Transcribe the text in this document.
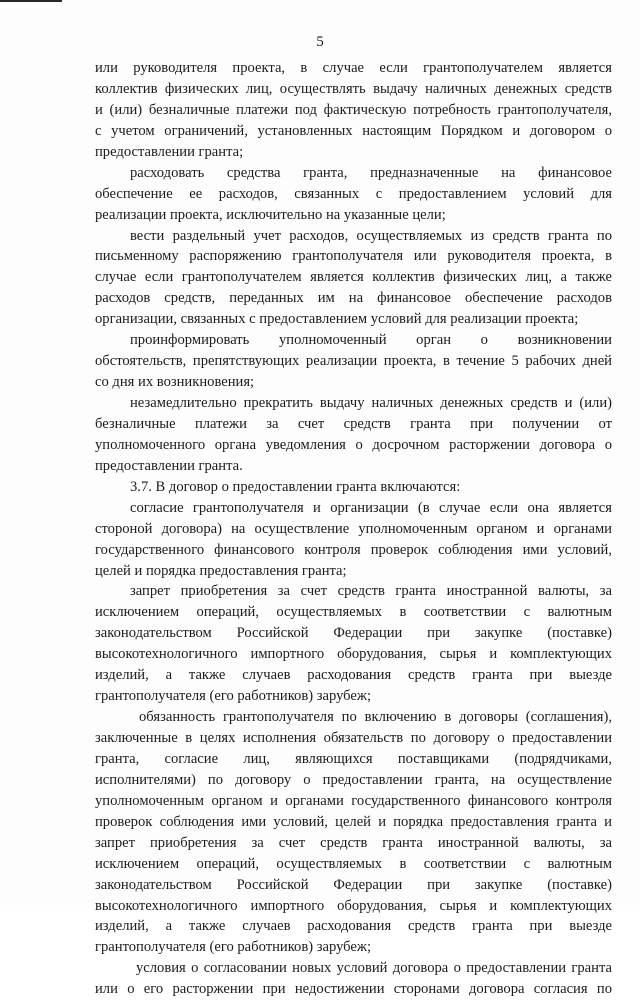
5
или руководителя проекта, в случае если грантополучателем является
коллектив физических лиц, осуществлять выдачу наличных денежных средств
и (или) безналичные платежи под фактическую потребность грантополучателя,
с учетом ограничений, установленных настоящим Порядком и договором о
предоставлении гранта;
расходовать средства гранта, предназначенные на финансовое
обеспечение ее расходов, связанных с предоставлением условий для
реализации проекта, исключительно на указанные цели;
вести раздельный учет расходов, осуществляемых из средств гранта по
письменному распоряжению грантополучателя или руководителя проекта, в
случае если грантополучателем является коллектив физических лиц, а также
расходов средств, переданных им на финансовое обеспечение расходов
организации, связанных с предоставлением условий для реализации проекта;
проинформировать уполномоченный орган о возникновении
обстоятельств, препятствующих реализации проекта, в течение 5 рабочих дней
со дня их возникновения;
незамедлительно прекратить выдачу наличных денежных средств и (или)
безналичные платежи за счет средств гранта при получении от
уполномоченного органа уведомления о досрочном расторжении договора о
предоставлении гранта.
3.7. В договор о предоставлении гранта включаются:
согласие грантополучателя и организации (в случае если она является
стороной договора) на осуществление уполномоченным органом и органами
государственного финансового контроля проверок соблюдения ими условий,
целей и порядка предоставления гранта;
запрет приобретения за счет средств гранта иностранной валюты, за
исключением операций, осуществляемых в соответствии с валютным
законодательством Российской Федерации при закупке (поставке)
высокотехнологичного импортного оборудования, сырья и комплектующих
изделий, а также случаев расходования средств гранта при выезде
грантополучателя (его работников) зарубеж;
обязанность грантополучателя по включению в договоры (соглашения),
заключенные в целях исполнения обязательств по договору о предоставлении
гранта, согласие лиц, являющихся поставщиками (подрядчиками,
исполнителями) по договору о предоставлении гранта, на осуществление
уполномоченным органом и органами государственного финансового контроля
проверок соблюдения ими условий, целей и порядка предоставления гранта и
запрет приобретения за счет средств гранта иностранной валюты, за
исключением операций, осуществляемых в соответствии с валютным
законодательством Российской Федерации при закупке (поставке)
высокотехнологичного импортного оборудования, сырья и комплектующих
изделий, а также случаев расходования средств гранта при выезде
грантополучателя (его работников) зарубеж;
условия о согласовании новых условий договора о предоставлении гранта
или о его расторжении при недостижении сторонами договора согласия по
